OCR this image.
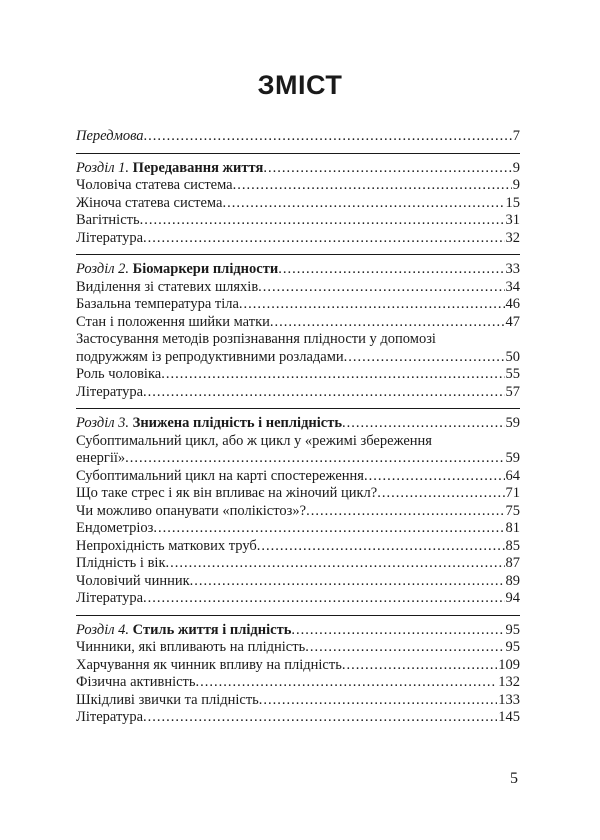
ЗМІСТ
Передмова .....	7
Розділ 1. Передавання життя .....	9
Чоловіча статева система .....	9
Жіноча статева система .....	15
Вагітність .....	31
Література .....	32
Розділ 2. Біомаркери плідности .....	33
Виділення зі статевих шляхів .....	34
Базальна температура тіла .....	46
Стан і положення шийки матки .....	47
Застосування методів розпізнавання плідности у допомозі
подружжям із репродуктивними розладами .....	50
Роль чоловіка .....	55
Література .....	57
Розділ 3. Знижена плідність і неплідність .....	59
Субоптимальний цикл, або ж цикл у «режимі збереження
енергії» .....	59
Субоптимальний цикл на карті спостереження .....	64
Що таке стрес і як він впливає на жіночий цикл? .....	71
Чи можливо опанувати «полікістоз»? .....	75
Ендометріоз .....	81
Непрохідність маткових труб .....	85
Плідність і вік .....	87
Чоловічий чинник .....	89
Література .....	94
Розділ 4. Стиль життя і плідність .....	95
Чинники, які впливають на плідність .....	95
Харчування як чинник впливу на плідність .....	109
Фізична активність .....	132
Шкідливі звички та плідність .....	133
Література .....	145
5
